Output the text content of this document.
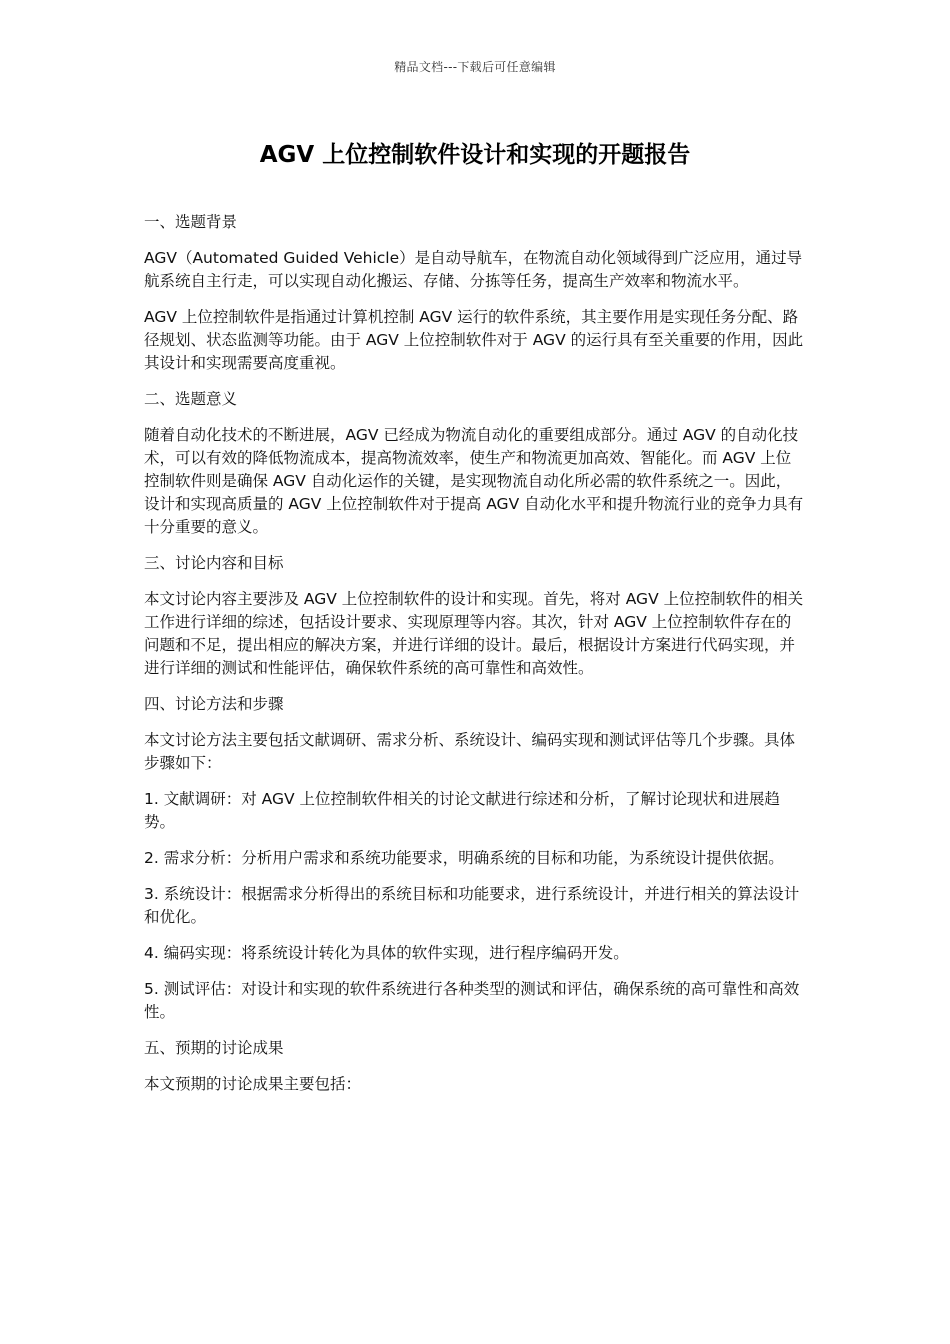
精品文档---下载后可任意编辑
AGV 上位控制软件设计和实现的开题报告

一、选题背景

AGV（Automated Guided Vehicle）是自动导航车，在物流自动化领域得到广泛应用，通过导航系统自主行走，可以实现自动化搬运、存储、分拣等任务，提高生产效率和物流水平。

AGV 上位控制软件是指通过计算机控制 AGV 运行的软件系统，其主要作用是实现任务分配、路径规划、状态监测等功能。由于 AGV 上位控制软件对于 AGV 的运行具有至关重要的作用，因此其设计和实现需要高度重视。

二、选题意义

随着自动化技术的不断进展，AGV 已经成为物流自动化的重要组成部分。通过 AGV 的自动化技术，可以有效的降低物流成本，提高物流效率，使生产和物流更加高效、智能化。而 AGV 上位控制软件则是确保 AGV 自动化运作的关键，是实现物流自动化所必需的软件系统之一。因此，设计和实现高质量的 AGV 上位控制软件对于提高 AGV 自动化水平和提升物流行业的竞争力具有十分重要的意义。

三、讨论内容和目标

本文讨论内容主要涉及 AGV 上位控制软件的设计和实现。首先，将对 AGV 上位控制软件的相关工作进行详细的综述，包括设计要求、实现原理等内容。其次，针对 AGV 上位控制软件存在的问题和不足，提出相应的解决方案，并进行详细的设计。最后，根据设计方案进行代码实现，并进行详细的测试和性能评估，确保软件系统的高可靠性和高效性。

四、讨论方法和步骤

本文讨论方法主要包括文献调研、需求分析、系统设计、编码实现和测试评估等几个步骤。具体步骤如下：

1. 文献调研：对 AGV 上位控制软件相关的讨论文献进行综述和分析，了解讨论现状和进展趋势。

2. 需求分析：分析用户需求和系统功能要求，明确系统的目标和功能，为系统设计提供依据。

3. 系统设计：根据需求分析得出的系统目标和功能要求，进行系统设计，并进行相关的算法设计和优化。

4. 编码实现：将系统设计转化为具体的软件实现，进行程序编码开发。

5. 测试评估：对设计和实现的软件系统进行各种类型的测试和评估，确保系统的高可靠性和高效性。

五、预期的讨论成果

本文预期的讨论成果主要包括：
